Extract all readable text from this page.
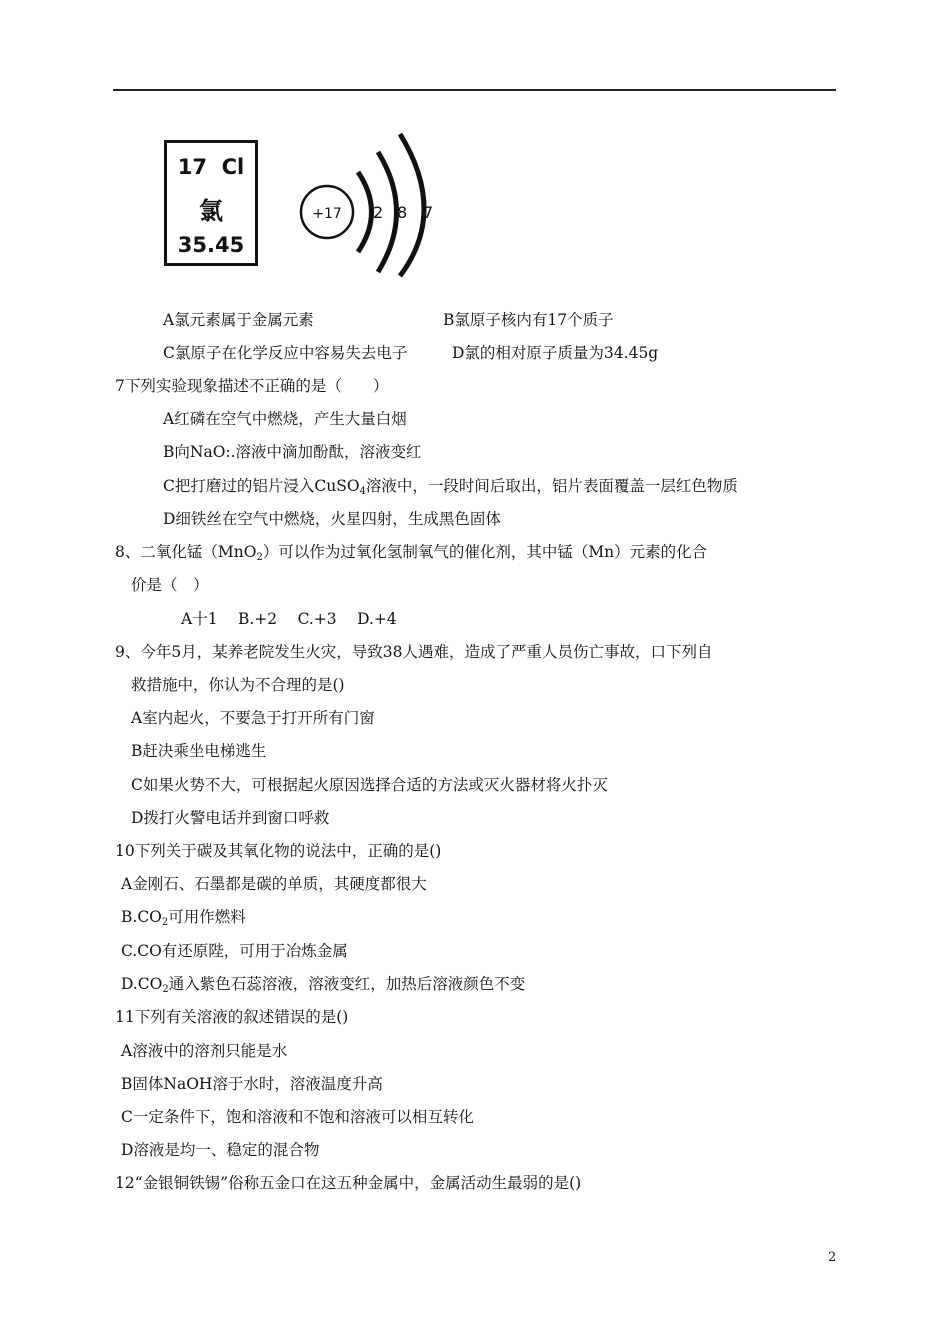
17 Cl
氯
35.45
+17 2 8 7
A氯元素属于金属元素	B氯原子核内有17个质子
C氯原子在化学反应中容易失去电子	D氯的相对原子质量为34.45g
7下列实验现象描述不正确的是（　　）
A红磷在空气中燃烧，产生大量白烟
B向NaO:.溶液中滴加酚酞，溶液变红
C把打磨过的铝片浸入CuSO$_4$溶液中，一段时间后取出，铝片表面覆盖一层红色物质
D细铁丝在空气中燃烧，火星四射，生成黑色固体
8、二氧化锰（MnO$_2$）可以作为过氧化氢制氧气的催化剂，其中锰（Mn）元素的化合
价是（　）
A十1　 B.+2　 C.+3　 D.+4
9、今年5月，某养老院发生火灾，导致38人遇难，造成了严重人员伤亡事故，口下列自
救措施中，你认为不合理的是()
A室内起火，不要急于打开所有门窗
B赶决乘坐电梯逃生
C如果火势不大，可根据起火原因选择合适的方法或灭火器材将火扑灭
D拨打火警电话并到窗口呼救
10下列关于碳及其氧化物的说法中，正确的是()
A金刚石、石墨都是碳的单质，其硬度都很大
$B.CO_2$可用作燃料
C.CO有还原陛，可用于冶炼金属
$D.CO_2$通入紫色石蕊溶液，溶液变红，加热后溶液颜色不变
11下列有关溶液的叙述错误的是()
A溶液中的溶剂只能是水
B固体NaOH溶于水时，溶液温度升高
C一定条件下，饱和溶液和不饱和溶液可以相互转化
D溶液是均一、稳定的混合物
12“金银铜铁锡”俗称五金口在这五种金属中，金属活动生最弱的是()
2
